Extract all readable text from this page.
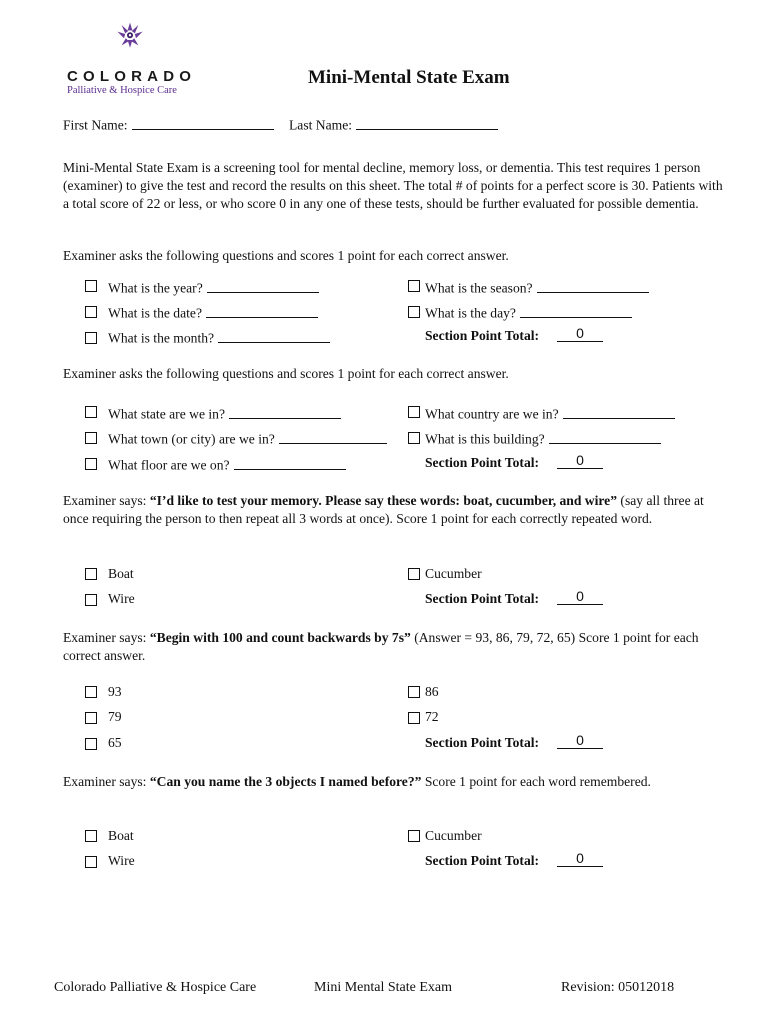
COLORADO
Palliative & Hospice Care
Mini-Mental State Exam
First Name:	Last Name:
Mini-Mental State Exam is a screening tool for mental decline, memory loss, or dementia. This test requires 1 person (examiner) to give the test and record the results on this sheet. The total # of points for a perfect score is 30. Patients with a total score of 22 or less, or who score 0 in any one of these tests, should be further evaluated for possible dementia.
Examiner asks the following questions and scores 1 point for each correct answer.
What is the year?
What is the date?
What is the month?
What is the season?
What is the day?
Section Point Total:	0
Examiner asks the following questions and scores 1 point for each correct answer.
What state are we in?
What town (or city) are we in?
What floor are we on?
What country are we in?
What is this building?
Section Point Total:	0
Examiner says: “I’d like to test your memory. Please say these words: boat, cucumber, and wire” (say all three at once requiring the person to then repeat all 3 words at once). Score 1 point for each correctly repeated word.
Boat
Wire
Cucumber
Section Point Total:	0
Examiner says: “Begin with 100 and count backwards by 7s” (Answer = 93, 86, 79, 72, 65) Score 1 point for each correct answer.
93
79
65
86
72
Section Point Total:	0
Examiner says: “Can you name the 3 objects I named before?” Score 1 point for each word remembered.
Boat
Wire
Cucumber
Section Point Total:	0
Colorado Palliative & Hospice Care	Mini Mental State Exam	Revision: 05012018
